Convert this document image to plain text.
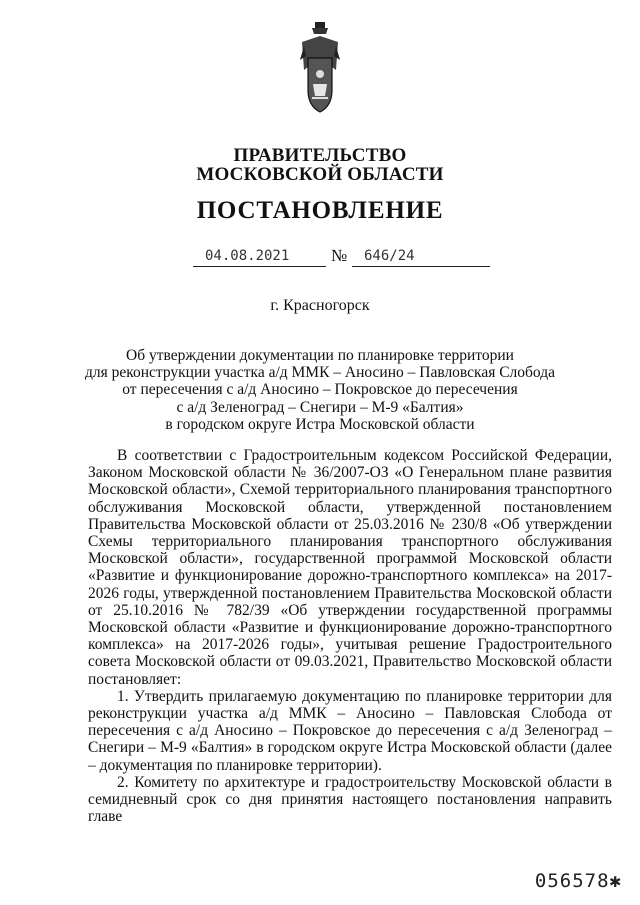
ПРАВИТЕЛЬСТВО
МОСКОВСКОЙ ОБЛАСТИ
ПОСТАНОВЛЕНИЕ
04.08.2021 № 646/24
г. Красногорск
Об утверждении документации по планировке территории
для реконструкции участка а/д ММК – Аносино – Павловская Слобода
от пересечения с а/д Аносино – Покровское до пересечения
с а/д Зеленоград – Снегири – М-9 «Балтия»
в городском округе Истра Московской области

В соответствии с Градостроительным кодексом Российской Федерации, Законом Московской области № 36/2007-ОЗ «О Генеральном плане развития Московской области», Схемой территориального планирования транспортного обслуживания Московской области, утвержденной постановлением Правительства Московской области от 25.03.2016 № 230/8 «Об утверждении Схемы территориального планирования транспортного обслуживания Московской области», государственной программой Московской области «Развитие и функционирование дорожно-транспортного комплекса» на 2017-2026 годы, утвержденной постановлением Правительства Московской области от 25.10.2016 № 782/39 «Об утверждении государственной программы Московской области «Развитие и функционирование дорожно-транспортного комплекса» на 2017-2026 годы», учитывая решение Градостроительного совета Московской области от 09.03.2021, Правительство Московской области постановляет:

1. Утвердить прилагаемую документацию по планировке территории для реконструкции участка а/д ММК – Аносино – Павловская Слобода от пересечения с а/д Аносино – Покровское до пересечения с а/д Зеленоград – Снегири – М-9 «Балтия» в городском округе Истра Московской области (далее – документация по планировке территории).

2. Комитету по архитектуре и градостроительству Московской области в семидневный срок со дня принятия настоящего постановления направить главе

056578✱
